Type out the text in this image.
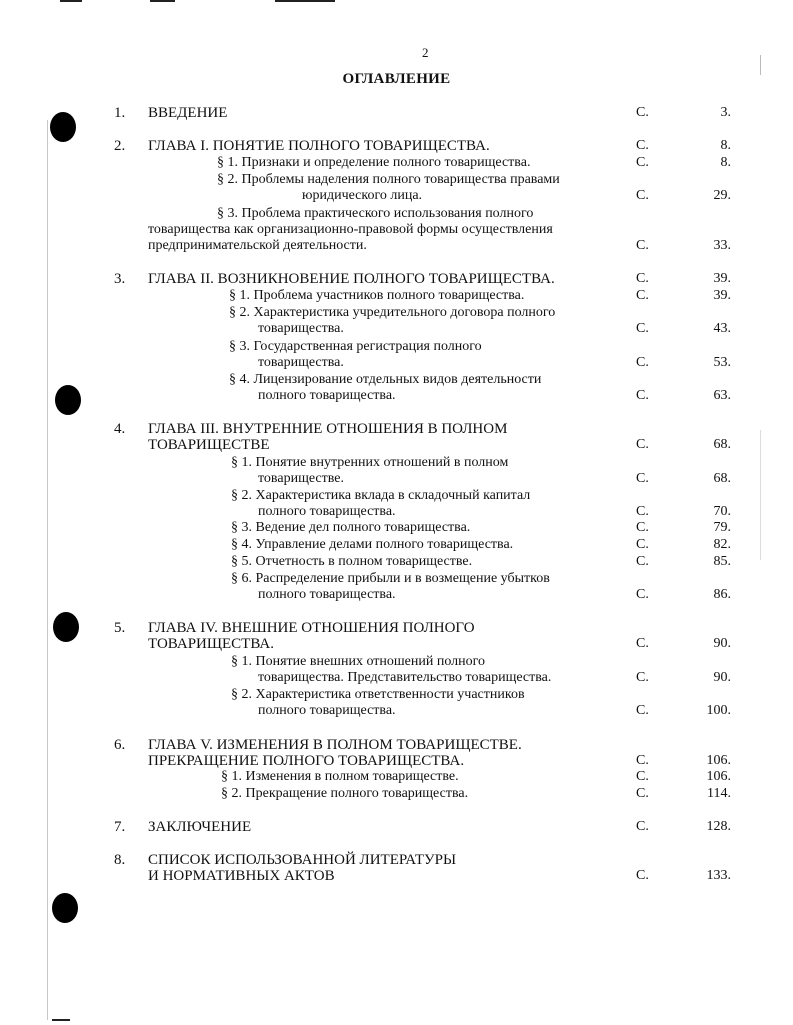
2
ОГЛАВЛЕНИЕ
1. ВВЕДЕНИЕ	С.	3.
2. ГЛАВА I. ПОНЯТИЕ ПОЛНОГО ТОВАРИЩЕСТВА.	С.	8.
§ 1. Признаки и определение полного товарищества.	С.	8.
§ 2. Проблемы наделения полного товарищества правами
юридического лица.	С.	29.
§ 3. Проблема практического использования полного
товарищества как организационно-правовой формы осуществления
предпринимательской деятельности.	С.	33.
3. ГЛАВА II. ВОЗНИКНОВЕНИЕ ПОЛНОГО ТОВАРИЩЕСТВА.	С.	39.
§ 1. Проблема участников полного товарищества.	С.	39.
§ 2. Характеристика учредительного договора полного
товарищества.	С.	43.
§ 3. Государственная регистрация полного
товарищества.	С.	53.
§ 4. Лицензирование отдельных видов деятельности
полного товарищества.	С.	63.
4. ГЛАВА III. ВНУТРЕННИЕ ОТНОШЕНИЯ В ПОЛНОМ
ТОВАРИЩЕСТВЕ	С.	68.
§ 1. Понятие внутренних отношений в полном
товариществе.	С.	68.
§ 2. Характеристика вклада в складочный капитал
полного товарищества.	С.	70.
§ 3. Ведение дел полного товарищества.	С.	79.
§ 4. Управление делами полного товарищества.	С.	82.
§ 5. Отчетность в полном товариществе.	С.	85.
§ 6. Распределение прибыли и в возмещение убытков
полного товарищества.	С.	86.
5. ГЛАВА IV. ВНЕШНИЕ ОТНОШЕНИЯ ПОЛНОГО
ТОВАРИЩЕСТВА.	С.	90.
§ 1. Понятие внешних отношений полного
товарищества. Представительство товарищества.	С.	90.
§ 2. Характеристика ответственности участников
полного товарищества.	С.	100.
6. ГЛАВА V. ИЗМЕНЕНИЯ В ПОЛНОМ ТОВАРИЩЕСТВЕ.
ПРЕКРАЩЕНИЕ ПОЛНОГО ТОВАРИЩЕСТВА.	С.	106.
§ 1. Изменения в полном товариществе.	С.	106.
§ 2. Прекращение полного товарищества.	С.	114.
7. ЗАКЛЮЧЕНИЕ	С.	128.
8. СПИСОК ИСПОЛЬЗОВАННОЙ ЛИТЕРАТУРЫ
И НОРМАТИВНЫХ АКТОВ	С.	133.
